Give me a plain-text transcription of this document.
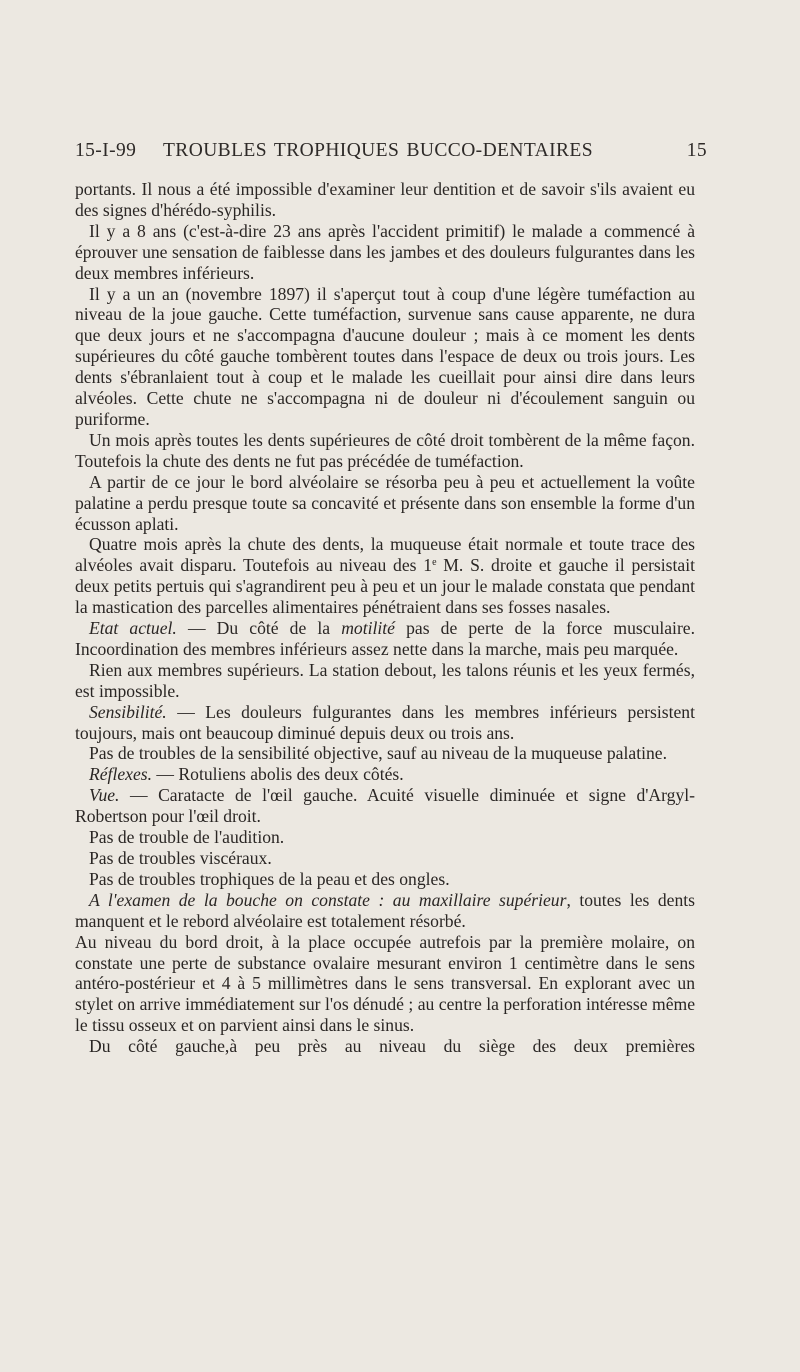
15-I-99 TROUBLES TROPHIQUES BUCCO-DENTAIRES	15

portants. Il nous a été impossible d'examiner leur dentition et de savoir s'ils avaient eu des signes d'hérédo-syphilis.

Il y a 8 ans (c'est-à-dire 23 ans après l'accident primitif) le malade a commencé à éprouver une sensation de faiblesse dans les jambes et des douleurs fulgurantes dans les deux membres inférieurs.

Il y a un an (novembre 1897) il s'aperçut tout à coup d'une légère tuméfaction au niveau de la joue gauche. Cette tuméfaction, survenue sans cause apparente, ne dura que deux jours et ne s'accompagna d'aucune douleur ; mais à ce moment les dents supérieures du côté gauche tombèrent toutes dans l'espace de deux ou trois jours. Les dents s'ébranlaient tout à coup et le malade les cueillait pour ainsi dire dans leurs alvéoles. Cette chute ne s'accompagna ni de douleur ni d'écoulement sanguin ou puriforme.

Un mois après toutes les dents supérieures de côté droit tombèrent de la même façon. Toutefois la chute des dents ne fut pas précédée de tuméfaction.

A partir de ce jour le bord alvéolaire se résorba peu à peu et actuellement la voûte palatine a perdu presque toute sa concavité et présente dans son ensemble la forme d'un écusson aplati.

Quatre mois après la chute des dents, la muqueuse était normale et toute trace des alvéoles avait disparu. Toutefois au niveau des 1e M. S. droite et gauche il persistait deux petits pertuis qui s'agrandirent peu à peu et un jour le malade constata que pendant la mastication des parcelles alimentaires pénétraient dans ses fosses nasales.

Etat actuel. — Du côté de la motilité pas de perte de la force musculaire. Incoordination des membres inférieurs assez nette dans la marche, mais peu marquée.

Rien aux membres supérieurs. La station debout, les talons réunis et les yeux fermés, est impossible.

Sensibilité. — Les douleurs fulgurantes dans les membres inférieurs persistent toujours, mais ont beaucoup diminué depuis deux ou trois ans.

Pas de troubles de la sensibilité objective, sauf au niveau de la muqueuse palatine.

Réflexes. — Rotuliens abolis des deux côtés.

Vue. — Caratacte de l'œil gauche. Acuité visuelle diminuée et signe d'Argyl-Robertson pour l'œil droit.

Pas de trouble de l'audition.

Pas de troubles viscéraux.

Pas de troubles trophiques de la peau et des ongles.

A l'examen de la bouche on constate : au maxillaire supérieur, toutes les dents manquent et le rebord alvéolaire est totalement résorbé.

Au niveau du bord droit, à la place occupée autrefois par la première molaire, on constate une perte de substance ovalaire mesurant environ 1 centimètre dans le sens antéro-postérieur et 4 à 5 millimètres dans le sens transversal. En explorant avec un stylet on arrive immédiatement sur l'os dénudé ; au centre la perforation intéresse même le tissu osseux et on parvient ainsi dans le sinus.

Du côté gauche,à peu près au niveau du siège des deux premières
